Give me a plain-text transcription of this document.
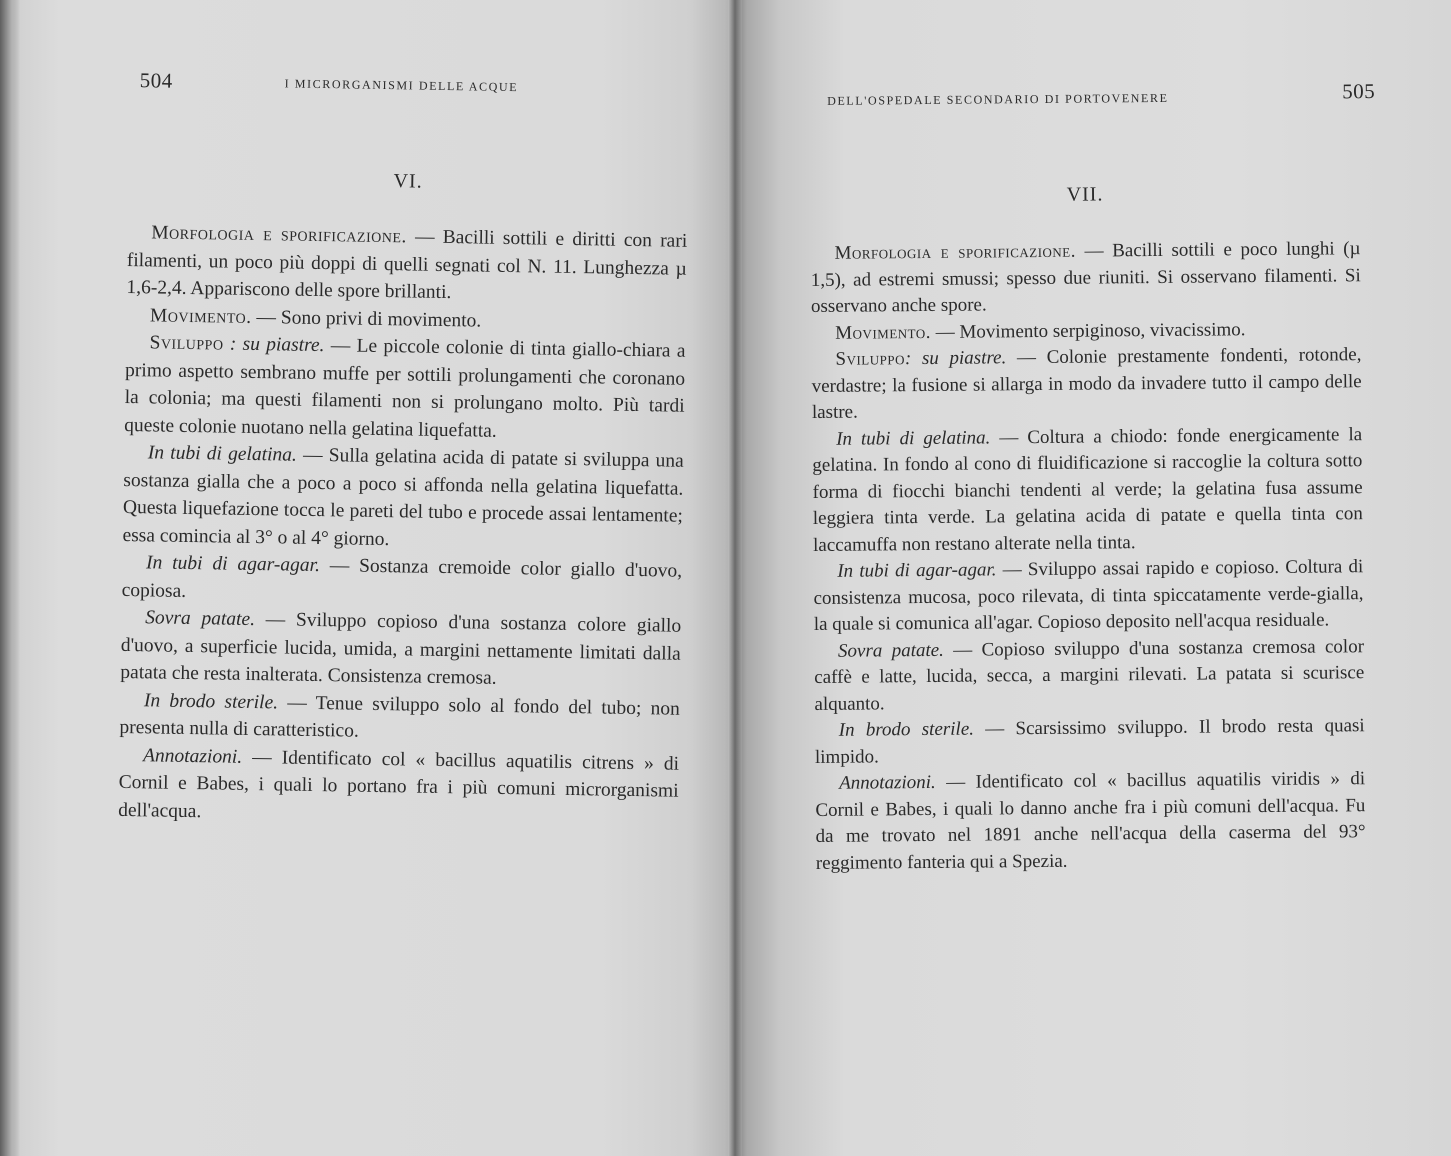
504	I MICRORGANISMI DELLE ACQUE
VI.

Morfologia e sporificazione. — Bacilli sottili e diritti con rari filamenti, un poco più doppi di quelli segnati col N. 11. Lunghezza µ 1,6-2,4. Appariscono delle spore brillanti.

Movimento. — Sono privi di movimento.

Sviluppo : su piastre. — Le piccole colonie di tinta giallo-chiara a primo aspetto sembrano muffe per sottili prolungamenti che coronano la colonia; ma questi filamenti non si prolungano molto. Più tardi queste colonie nuotano nella gelatina liquefatta.

In tubi di gelatina. — Sulla gelatina acida di patate si sviluppa una sostanza gialla che a poco a poco si affonda nella gelatina liquefatta. Questa liquefazione tocca le pareti del tubo e procede assai lentamente; essa comincia al 3° o al 4° giorno.

In tubi di agar-agar. — Sostanza cremoide color giallo d'uovo, copiosa.

Sovra patate. — Sviluppo copioso d'una sostanza colore giallo d'uovo, a superficie lucida, umida, a margini nettamente limitati dalla patata che resta inalterata. Consistenza cremosa.

In brodo sterile. — Tenue sviluppo solo al fondo del tubo; non presenta nulla di caratteristico.

Annotazioni. — Identificato col « bacillus aquatilis citrens » di Cornil e Babes, i quali lo portano fra i più comuni microrganismi dell'acqua.

DELL'OSPEDALE SECONDARIO DI PORTOVENERE	505
VII.

Morfologia e sporificazione. — Bacilli sottili e poco lunghi (µ 1,5), ad estremi smussi; spesso due riuniti. Si osservano filamenti. Si osservano anche spore.

Movimento. — Movimento serpiginoso, vivacissimo.

Sviluppo: su piastre. — Colonie prestamente fondenti, rotonde, verdastre; la fusione si allarga in modo da invadere tutto il campo delle lastre.

In tubi di gelatina. — Coltura a chiodo: fonde energicamente la gelatina. In fondo al cono di fluidificazione si raccoglie la coltura sotto forma di fiocchi bianchi tendenti al verde; la gelatina fusa assume leggiera tinta verde. La gelatina acida di patate e quella tinta con laccamuffa non restano alterate nella tinta.

In tubi di agar-agar. — Sviluppo assai rapido e copioso. Coltura di consistenza mucosa, poco rilevata, di tinta spiccatamente verde-gialla, la quale si comunica all'agar. Copioso deposito nell'acqua residuale.

Sovra patate. — Copioso sviluppo d'una sostanza cremosa color caffè e latte, lucida, secca, a margini rilevati. La patata si scurisce alquanto.

In brodo sterile. — Scarsissimo sviluppo. Il brodo resta quasi limpido.

Annotazioni. — Identificato col « bacillus aquatilis viridis » di Cornil e Babes, i quali lo danno anche fra i più comuni dell'acqua. Fu da me trovato nel 1891 anche nell'acqua della caserma del 93° reggimento fanteria qui a Spezia.
